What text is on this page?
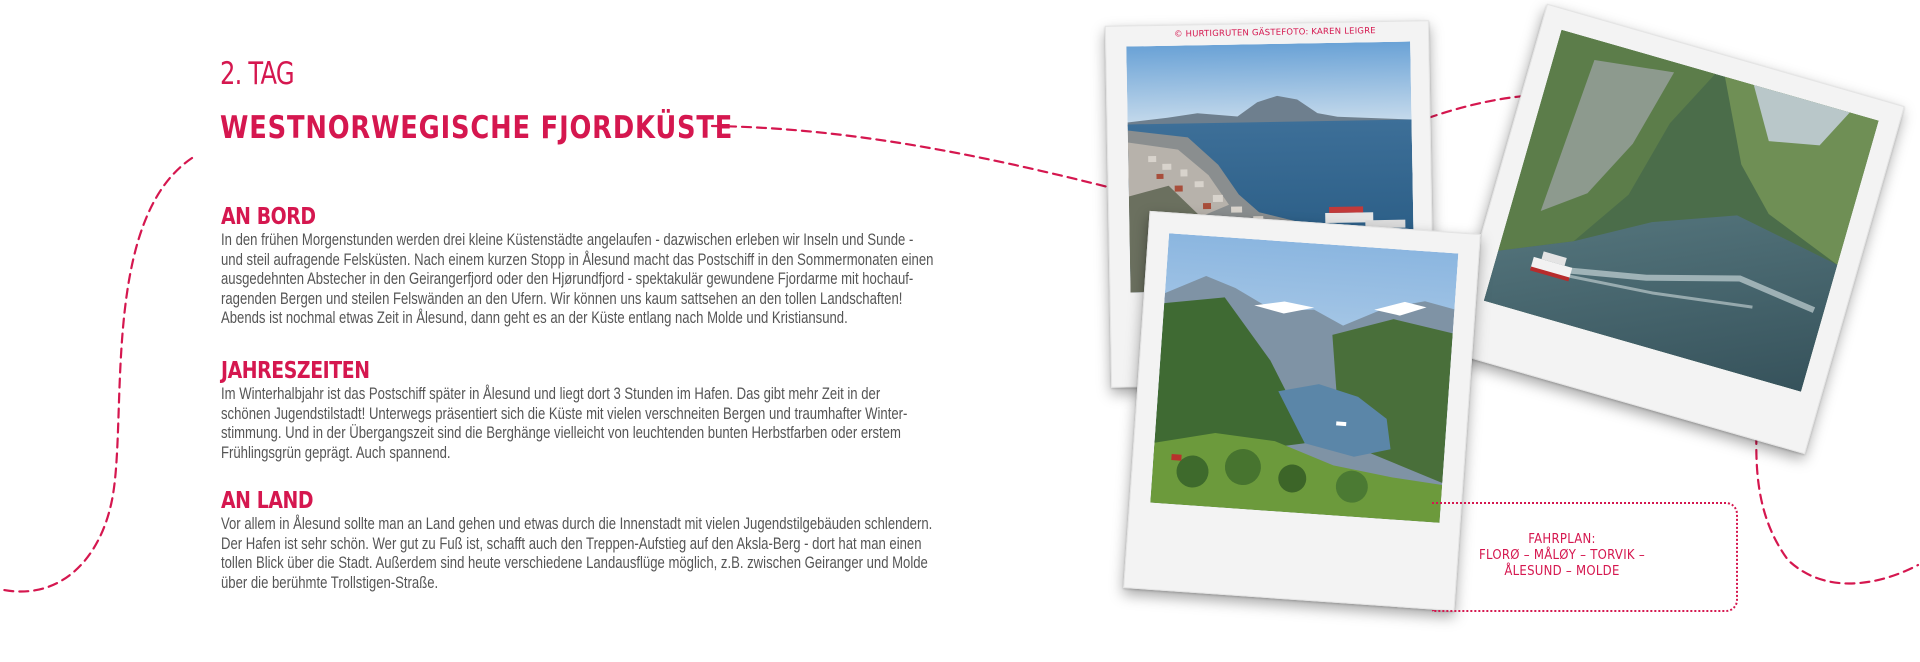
2. TAG
WESTNORWEGISCHE FJORDKÜSTE
AN BORD

In den frühen Morgenstunden werden drei kleine Küstenstädte angelaufen - dazwischen erleben wir Inseln und Sunde -
und steil aufragende Felsküsten. Nach einem kurzen Stopp in Ålesund macht das Postschiff in den Sommermonaten einen
ausgedehnten Abstecher in den Geirangerfjord oder den Hjørundfjord - spektakulär gewundene Fjordarme mit hochauf-
ragenden Bergen und steilen Felswänden an den Ufern. Wir können uns kaum sattsehen an den tollen Landschaften!
Abends ist nochmal etwas Zeit in Ålesund, dann geht es an der Küste entlang nach Molde und Kristiansund.

JAHRESZEITEN

Im Winterhalbjahr ist das Postschiff später in Ålesund und liegt dort 3 Stunden im Hafen. Das gibt mehr Zeit in der
schönen Jugendstilstadt! Unterwegs präsentiert sich die Küste mit vielen verschneiten Bergen und traumhafter Winter-
stimmung. Und in der Übergangszeit sind die Berghänge vielleicht von leuchtenden bunten Herbstfarben oder erstem
Frühlingsgrün geprägt. Auch spannend.

AN LAND

Vor allem in Ålesund sollte man an Land gehen und etwas durch die Innenstadt mit vielen Jugendstilgebäuden schlendern.
Der Hafen ist sehr schön. Wer gut zu Fuß ist, schafft auch den Treppen-Aufstieg auf den Aksla-Berg - dort hat man einen
tollen Blick über die Stadt. Außerdem sind heute verschiedene Landausflüge möglich, z.B. zwischen Geiranger und Molde
über die berühmte Trollstigen-Straße.

© HURTIGRUTEN GÄSTEFOTO: KAREN LEIGRE
FAHRPLAN:
FLORØ – MÅLØY – TORVIK –
ÅLESUND – MOLDE
